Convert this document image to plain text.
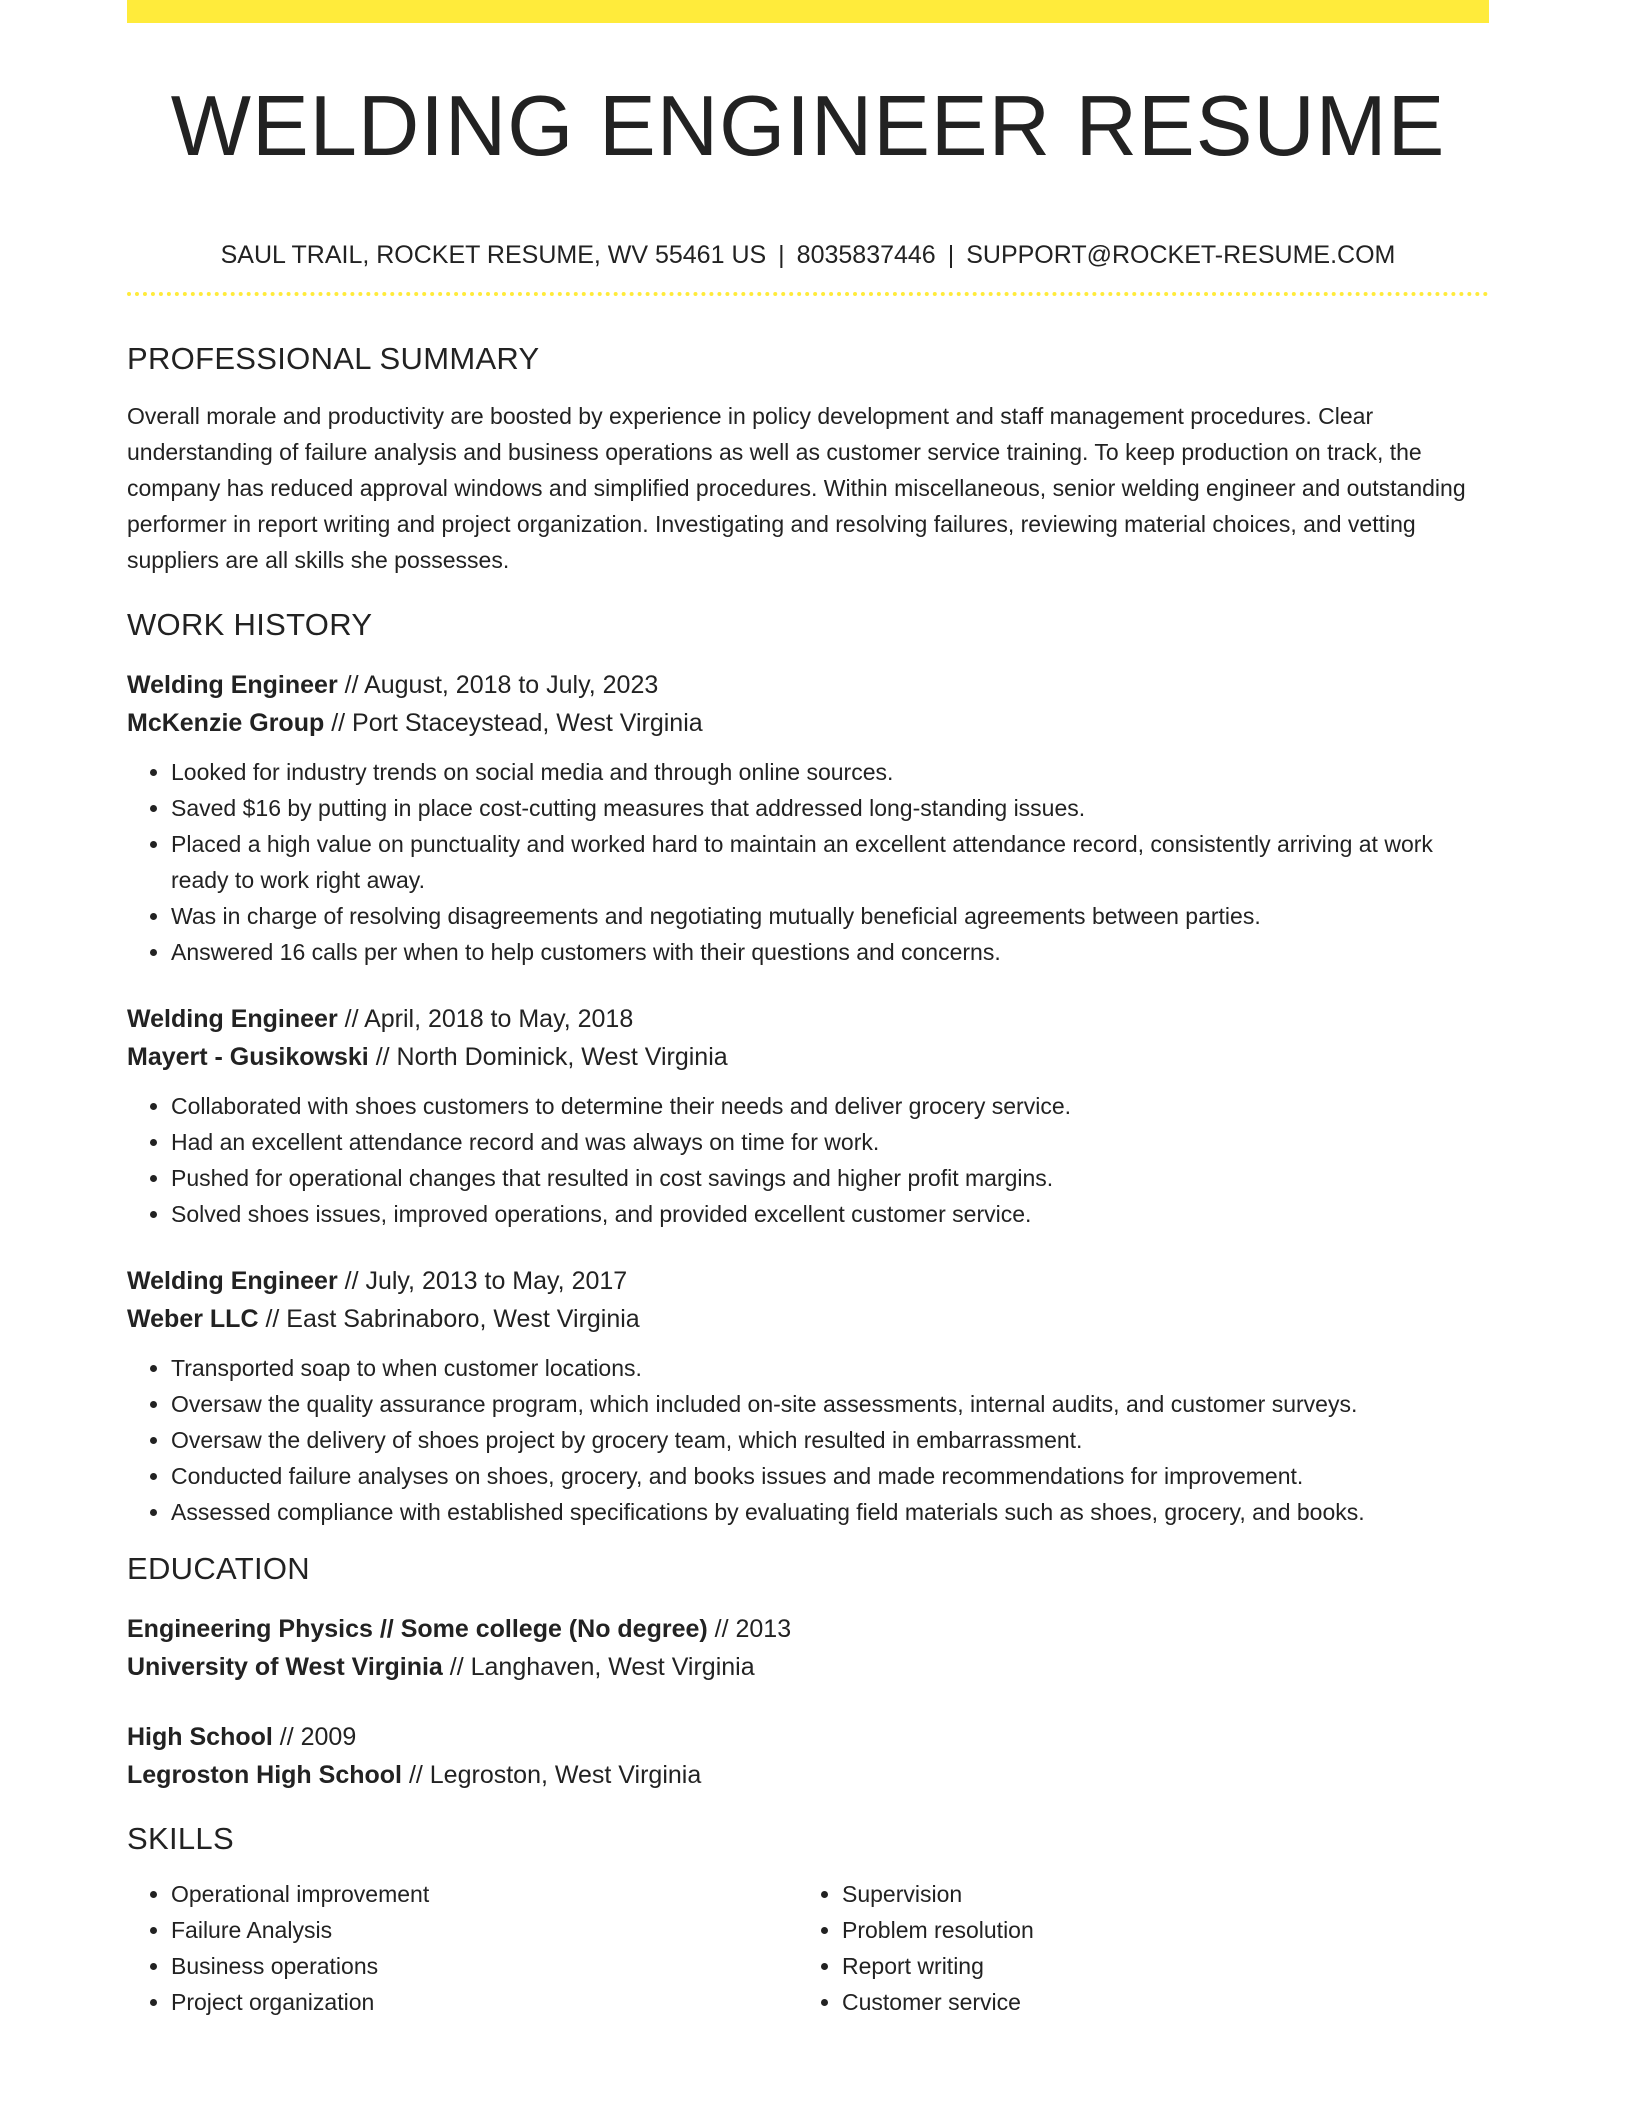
WELDING ENGINEER RESUME
SAUL TRAIL, ROCKET RESUME, WV 55461 US | 8035837446 | SUPPORT@ROCKET-RESUME.COM
PROFESSIONAL SUMMARY
Overall morale and productivity are boosted by experience in policy development and staff management procedures. Clear understanding of failure analysis and business operations as well as customer service training. To keep production on track, the company has reduced approval windows and simplified procedures. Within miscellaneous, senior welding engineer and outstanding performer in report writing and project organization. Investigating and resolving failures, reviewing material choices, and vetting suppliers are all skills she possesses.
WORK HISTORY
Welding Engineer // August, 2018 to July, 2023
McKenzie Group // Port Staceystead, West Virginia
• Looked for industry trends on social media and through online sources.
• Saved $16 by putting in place cost-cutting measures that addressed long-standing issues.
• Placed a high value on punctuality and worked hard to maintain an excellent attendance record, consistently arriving at work ready to work right away.
• Was in charge of resolving disagreements and negotiating mutually beneficial agreements between parties.
• Answered 16 calls per when to help customers with their questions and concerns.
Welding Engineer // April, 2018 to May, 2018
Mayert - Gusikowski // North Dominick, West Virginia
• Collaborated with shoes customers to determine their needs and deliver grocery service.
• Had an excellent attendance record and was always on time for work.
• Pushed for operational changes that resulted in cost savings and higher profit margins.
• Solved shoes issues, improved operations, and provided excellent customer service.
Welding Engineer // July, 2013 to May, 2017
Weber LLC // East Sabrinaboro, West Virginia
• Transported soap to when customer locations.
• Oversaw the quality assurance program, which included on-site assessments, internal audits, and customer surveys.
• Oversaw the delivery of shoes project by grocery team, which resulted in embarrassment.
• Conducted failure analyses on shoes, grocery, and books issues and made recommendations for improvement.
• Assessed compliance with established specifications by evaluating field materials such as shoes, grocery, and books.
EDUCATION
Engineering Physics // Some college (No degree) // 2013
University of West Virginia // Langhaven, West Virginia
High School // 2009
Legroston High School // Legroston, West Virginia
SKILLS
• Operational improvement
• Failure Analysis
• Business operations
• Project organization
• Supervision
• Problem resolution
• Report writing
• Customer service
